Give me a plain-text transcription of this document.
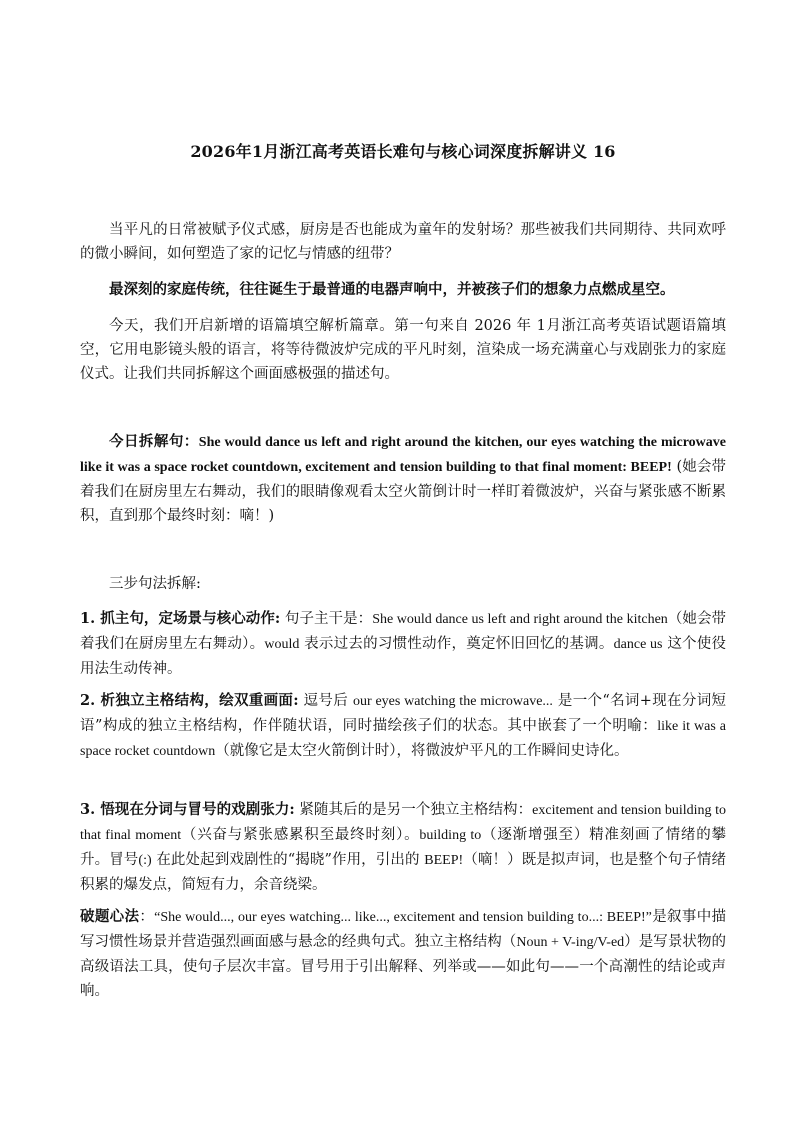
2026年1月浙江高考英语长难句与核心词深度拆解讲义 16
当平凡的日常被赋予仪式感，厨房是否也能成为童年的发射场？那些被我们共同期待、共同欢呼的微小瞬间，如何塑造了家的记忆与情感的纽带？
最深刻的家庭传统，往往诞生于最普通的电器声响中，并被孩子们的想象力点燃成星空。
今天，我们开启新增的语篇填空解析篇章。第一句来自 2026 年 1月浙江高考英语试题语篇填空，它用电影镜头般的语言，将等待微波炉完成的平凡时刻，渲染成一场充满童心与戏剧张力的家庭仪式。让我们共同拆解这个画面感极强的描述句。
今日拆解句：She would dance us left and right around the kitchen, our eyes watching the microwave like it was a space rocket countdown, excitement and tension building to that final moment: BEEP! (她会带着我们在厨房里左右舞动，我们的眼睛像观看太空火箭倒计时一样盯着微波炉，兴奋与紧张感不断累积，直到那个最终时刻：嘀！)
三步句法拆解:
1. 抓主句，定场景与核心动作: 句子主干是：She would dance us left and right around the kitchen（她会带着我们在厨房里左右舞动）。would 表示过去的习惯性动作，奠定怀旧回忆的基调。dance us 这个使役用法生动传神。
2. 析独立主格结构，绘双重画面: 逗号后 our eyes watching the microwave... 是一个“名词+现在分词短语”构成的独立主格结构，作伴随状语，同时描绘孩子们的状态。其中嵌套了一个明喻：like it was a space rocket countdown（就像它是太空火箭倒计时），将微波炉平凡的工作瞬间史诗化。
3. 悟现在分词与冒号的戏剧张力: 紧随其后的是另一个独立主格结构：excitement and tension building to that final moment（兴奋与紧张感累积至最终时刻）。building to（逐渐增强至）精准刻画了情绪的攀升。冒号(:) 在此处起到戏剧性的“揭晓”作用，引出的 BEEP!（嘀！）既是拟声词，也是整个句子情绪积累的爆发点，简短有力，余音绕梁。
破题心法：“She would..., our eyes watching... like..., excitement and tension building to...: BEEP!”是叙事中描写习惯性场景并营造强烈画面感与悬念的经典句式。独立主格结构（Noun + V-ing/V-ed）是写景状物的高级语法工具，使句子层次丰富。冒号用于引出解释、列举或——如此句——一个高潮性的结论或声响。
